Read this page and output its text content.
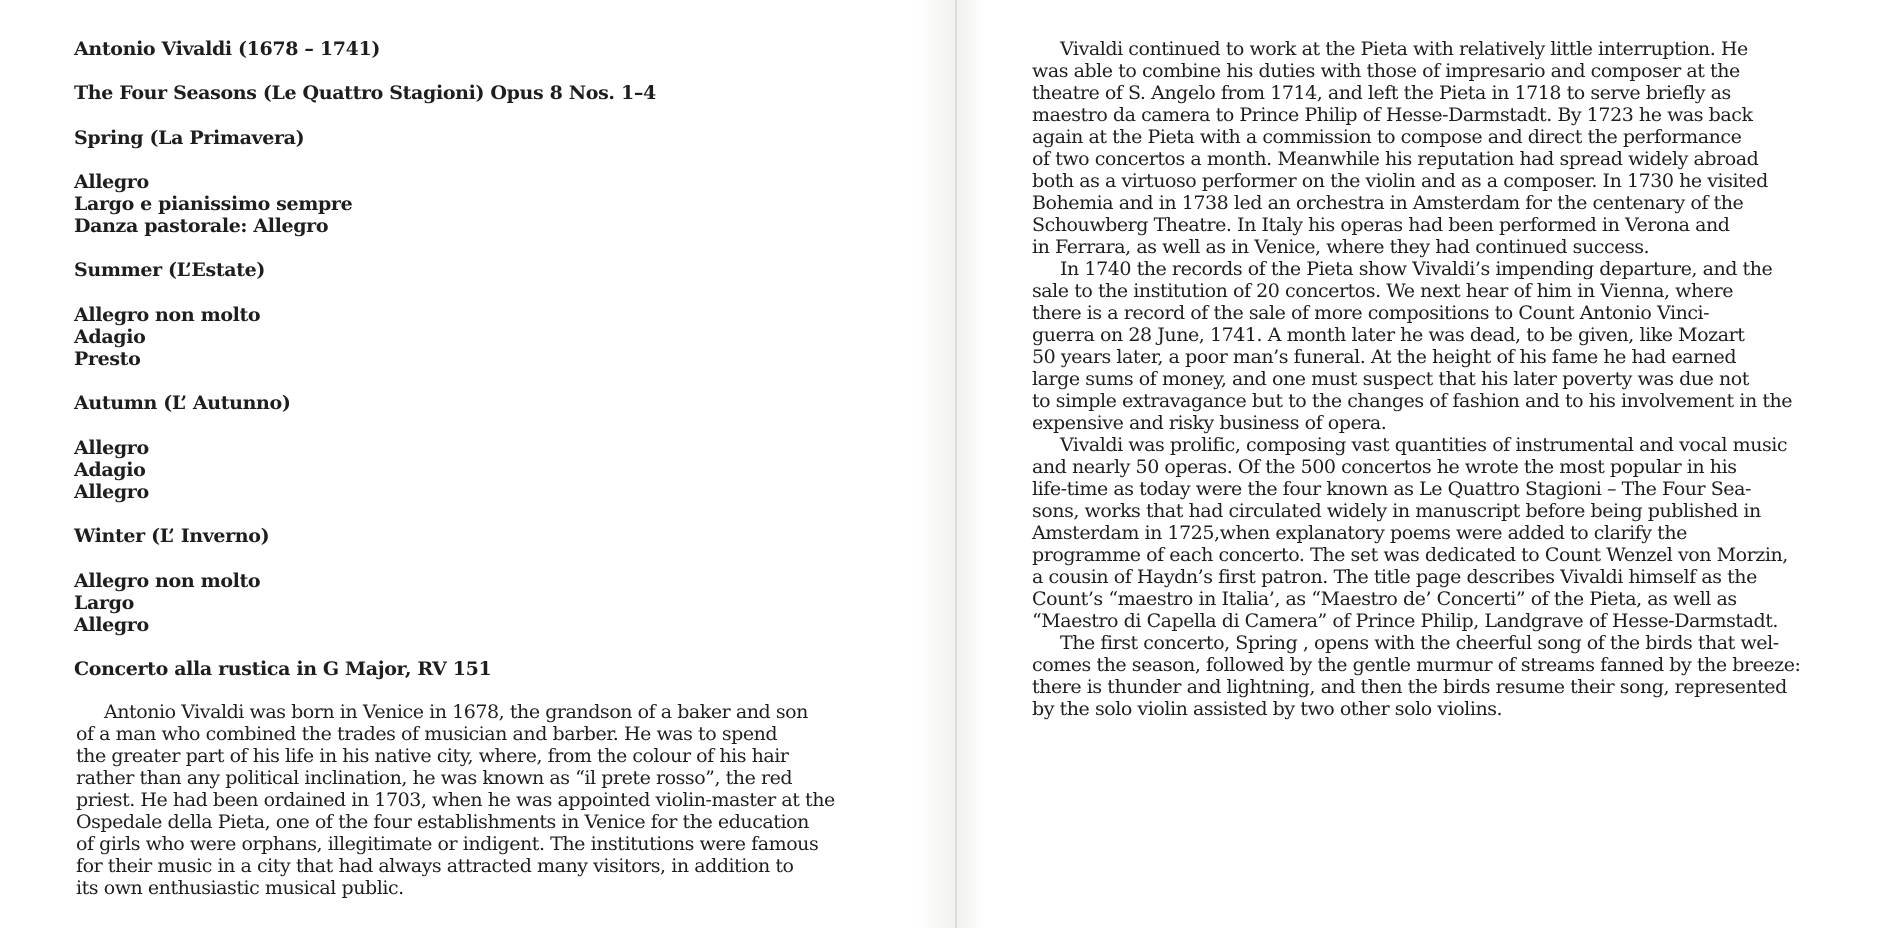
Antonio Vivaldi (1678 – 1741)
The Four Seasons (Le Quattro Stagioni) Opus 8 Nos. 1–4
Spring (La Primavera)
Allegro
Largo e pianissimo sempre
Danza pastorale: Allegro
Summer (L’Estate)
Allegro non molto
Adagio
Presto
Autumn (L’ Autunno)
Allegro
Adagio
Allegro
Winter (L’ Inverno)
Allegro non molto
Largo
Allegro
Concerto alla rustica in G Major, RV 151
Antonio Vivaldi was born in Venice in 1678, the grandson of a baker and son
of a man who combined the trades of musician and barber. He was to spend
the greater part of his life in his native city, where, from the colour of his hair
rather than any political inclination, he was known as “il prete rosso”, the red
priest. He had been ordained in 1703, when he was appointed violin-master at the
Ospedale della Pieta, one of the four establishments in Venice for the education
of girls who were orphans, illegitimate or indigent. The institutions were famous
for their music in a city that had always attracted many visitors, in addition to
its own enthusiastic musical public.
Vivaldi continued to work at the Pieta with relatively little interruption. He
was able to combine his duties with those of impresario and composer at the
theatre of S. Angelo from 1714, and left the Pieta in 1718 to serve briefly as
maestro da camera to Prince Philip of Hesse-Darmstadt. By 1723 he was back
again at the Pieta with a commission to compose and direct the performance
of two concertos a month. Meanwhile his reputation had spread widely abroad
both as a virtuoso performer on the violin and as a composer. In 1730 he visited
Bohemia and in 1738 led an orchestra in Amsterdam for the centenary of the
Schouwberg Theatre. In Italy his operas had been performed in Verona and
in Ferrara, as well as in Venice, where they had continued success.
In 1740 the records of the Pieta show Vivaldi’s impending departure, and the
sale to the institution of 20 concertos. We next hear of him in Vienna, where
there is a record of the sale of more compositions to Count Antonio Vinci-
guerra on 28 June, 1741. A month later he was dead, to be given, like Mozart
50 years later, a poor man’s funeral. At the height of his fame he had earned
large sums of money, and one must suspect that his later poverty was due not
to simple extravagance but to the changes of fashion and to his involvement in the
expensive and risky business of opera.
Vivaldi was prolific, composing vast quantities of instrumental and vocal music
and nearly 50 operas. Of the 500 concertos he wrote the most popular in his
life-time as today were the four known as Le Quattro Stagioni – The Four Sea-
sons, works that had circulated widely in manuscript before being published in
Amsterdam in 1725,when explanatory poems were added to clarify the
programme of each concerto. The set was dedicated to Count Wenzel von Morzin,
a cousin of Haydn’s first patron. The title page describes Vivaldi himself as the
Count’s “maestro in Italia’, as “Maestro de’ Concerti” of the Pieta, as well as
“Maestro di Capella di Camera” of Prince Philip, Landgrave of Hesse-Darmstadt.
The first concerto, Spring , opens with the cheerful song of the birds that wel-
comes the season, followed by the gentle murmur of streams fanned by the breeze:
there is thunder and lightning, and then the birds resume their song, represented
by the solo violin assisted by two other solo violins.
